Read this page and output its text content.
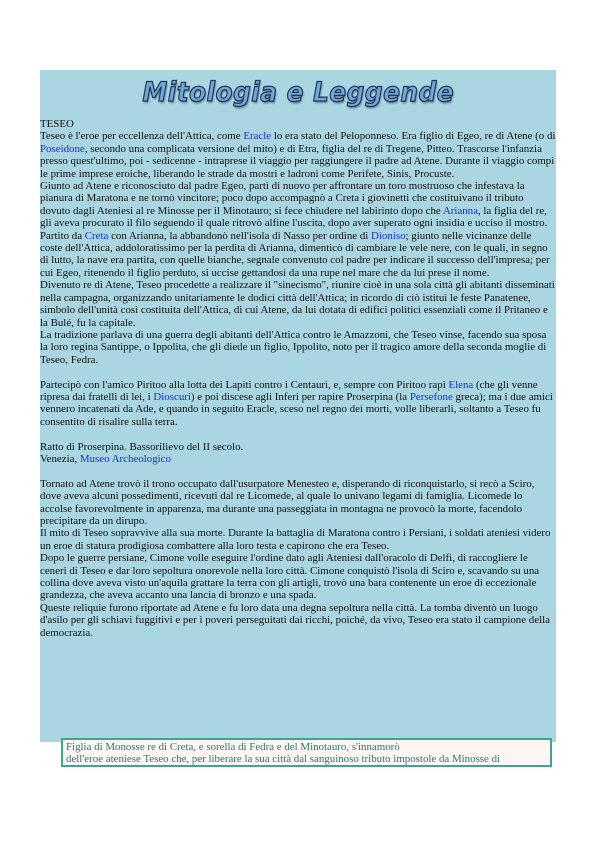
Mitologia e Leggende

TESEO

Teseo è l'eroe per eccellenza dell'Attica, come Eracle lo era stato del Peloponneso. Era figlio di Egeo, re di Atene (o di Poseidone, secondo una complicata versione del mito) e di Etra, figlia del re di Tregene, Pitteo. Trascorse l'infanzia presso quest'ultimo, poi - sedicenne - intraprese il viaggio per raggiungere il padre ad Atene. Durante il viaggio compì le prime imprese eroiche, liberando le strade da mostri e ladroni come Perifete, Sinis, Procuste.

Giunto ad Atene e riconosciuto dal padre Egeo, partì di nuovo per affrontare un toro mostruoso che infestava la pianura di Maratona e ne tornò vincitore; poco dopo accompagnò a Creta i giovinetti che costituivano il tributo dovuto dagli Ateniesi al re Minosse per il Minotauro; si fece chiudere nel labirinto dopo che Arianna, la figlia del re, gli aveva procurato il filo seguendo il quale ritrovò alfine l'uscita, dopo aver superato ogni insidia e ucciso il mostro.

Partito da Creta con Arianna, la abbandonò nell'isola di Nasso per ordine di Dioniso; giunto nelle vicinanze delle coste dell'Attica, addoloratissimo per la perdita di Arianna, dimenticò di cambiare le vele nere, con le quali, in segno di lutto, la nave era partita, con quelle bianche, segnale convenuto col padre per indicare il successo dell'impresa; per cui Egeo, ritenendo il figlio perduto, si uccise gettandosi da una rupe nel mare che da lui prese il nome.

Divenuto re di Atene, Teseo procedette a realizzare il "sinecismo", riunire cioè in una sola città gli abitanti disseminati nella campagna, organizzando unitariamente le dodici città dell'Attica; in ricordo di ciò istituì le feste Panatenee, simbolo dell'unità così costituita dell'Attica, di cui Atene, da lui dotata di edifici politici essenziali come il Pritaneo e la Bulé, fu la capitale.

La tradizione parlava di una guerra degli abitanti dell'Attica contro le Amazzoni, che Teseo vinse, facendo sua sposa la loro regina Santippe, o Ippolita, che gli diede un figlio, Ippolito, noto per il tragico amore della seconda moglie di Teseo, Fedra.

Partecipò con l'amico Piritoo alla lotta dei Lapiti contro i Centauri, e, sempre con Piritoo rapì Elena (che gli venne ripresa dai fratelli di lei, i Dioscuri) e poi discese agli Inferi per rapire Proserpina (la Persefone greca); ma i due amici vennero incatenati da Ade, e quando in seguito Eracle, sceso nel regno dei morti, volle liberarli, soltanto a Teseo fu consentito di risalire sulla terra.

Ratto di Proserpina. Bassorilievo del II secolo.
Venezia, Museo Archeologico

Tornato ad Atene trovò il trono occupato dall'usurpatore Menesteo e, disperando di riconquistarlo, si recò a Sciro, dove aveva alcuni possedimenti, ricevuti dal re Licomede, al quale lo univano legami di famiglia. Licomede lo accolse favorevolmente in apparenza, ma durante una passeggiata in montagna ne provocò la morte, facendolo precipitare da un dirupo.

Il mito di Teseo sopravvive alla sua morte. Durante la battaglia di Maratona contro i Persiani, i soldati ateniesi videro un eroe di statura prodigiosa combattere alla loro testa e capirono che era Teseo.

Dopo le guerre persiane, Cimone volle eseguire l'ordine dato agli Ateniesi dall'oracolo di Delfi, di raccogliere le ceneri di Teseo e dar loro sepoltura onorevole nella loro città. Cimone conquistò l'isola di Sciro e, scavando su una collina dove aveva visto un'aquila grattare la terra con gli artigli, trovò una bara contenente un eroe di eccezionale grandezza, che aveva accanto una lancia di bronzo e una spada.

Queste reliquie furono riportate ad Atene e fu loro data una degna sepoltura nella città. La tomba diventò un luogo d'asilo per gli schiavi fuggitivi e per i poveri perseguitati dai ricchi, poiché, da vivo, Teseo era stato il campione della democrazia.

Figlia di Monosse re di Creta, e sorella di Fedra e del Minotauro, s'innamorò
dell'eroe ateniese Teseo che, per liberare la sua città dal sanguinoso tributo impostole da Minosse di
